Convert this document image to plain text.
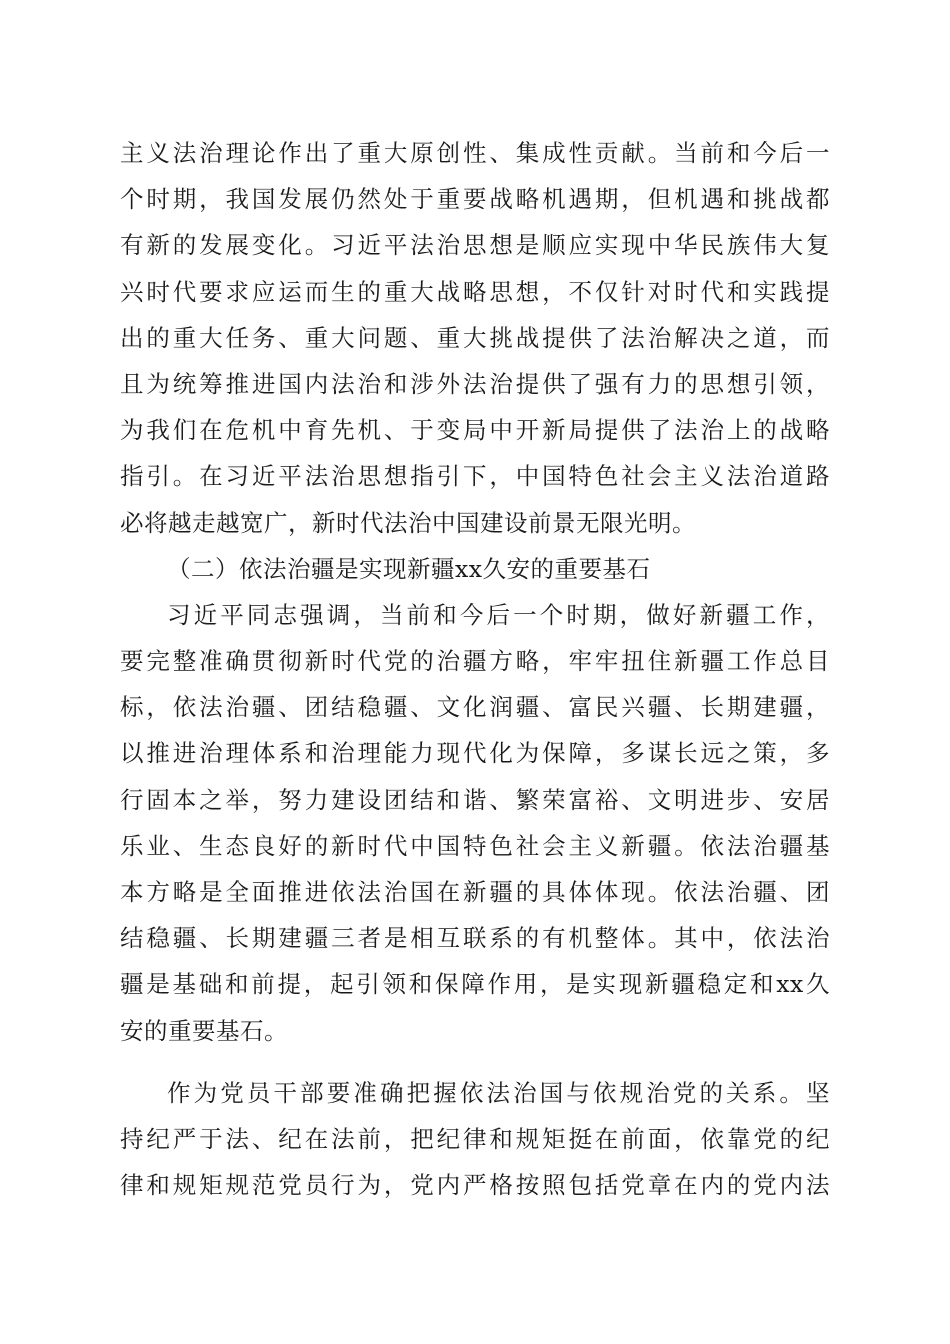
主义法治理论作出了重大原创性、集成性贡献。当前和今后一
个时期，我国发展仍然处于重要战略机遇期，但机遇和挑战都
有新的发展变化。习近平法治思想是顺应实现中华民族伟大复
兴时代要求应运而生的重大战略思想，不仅针对时代和实践提
出的重大任务、重大问题、重大挑战提供了法治解决之道，而
且为统筹推进国内法治和涉外法治提供了强有力的思想引领，
为我们在危机中育先机、于变局中开新局提供了法治上的战略
指引。在习近平法治思想指引下，中国特色社会主义法治道路
必将越走越宽广，新时代法治中国建设前景无限光明。
（二）依法治疆是实现新疆xx久安的重要基石
习近平同志强调，当前和今后一个时期，做好新疆工作，
要完整准确贯彻新时代党的治疆方略，牢牢扭住新疆工作总目
标，依法治疆、团结稳疆、文化润疆、富民兴疆、长期建疆，
以推进治理体系和治理能力现代化为保障，多谋长远之策，多
行固本之举，努力建设团结和谐、繁荣富裕、文明进步、安居
乐业、生态良好的新时代中国特色社会主义新疆。依法治疆基
本方略是全面推进依法治国在新疆的具体体现。依法治疆、团
结稳疆、长期建疆三者是相互联系的有机整体。其中，依法治
疆是基础和前提，起引领和保障作用，是实现新疆稳定和xx久
安的重要基石。
作为党员干部要准确把握依法治国与依规治党的关系。坚
持纪严于法、纪在法前，把纪律和规矩挺在前面，依靠党的纪
律和规矩规范党员行为，党内严格按照包括党章在内的党内法
